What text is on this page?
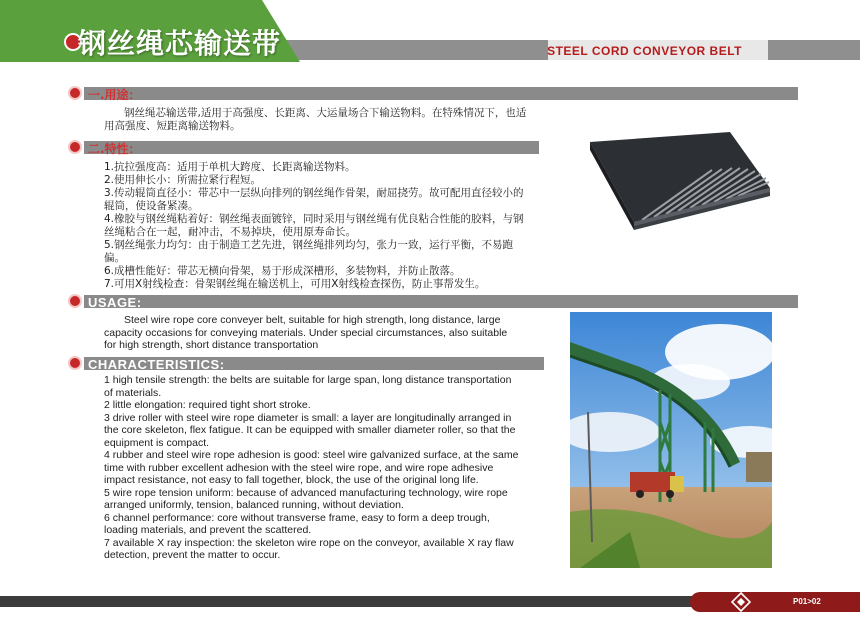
钢丝绳芯输送带	STEEL CORD CONVEYOR BELT
一.用途：
钢丝绳芯输送带,适用于高强度、长距离、大运量场合下输送物料。在特殊情况下，也适
用高强度、短距离输送物料。
二.特性：
1.抗拉强度高：适用于单机大跨度、长距离输送物料。
2.使用伸长小：所需拉紧行程短。
3.传动辊筒直径小：带芯中一层纵向排列的钢丝绳作骨架，耐屈挠劳。故可配用直径较小的
辊筒，使设备紧凑。
4.橡胶与钢丝绳粘着好：钢丝绳表面镀锌，同时采用与钢丝绳有优良粘合性能的胶料，与钢
丝绳粘合在一起，耐冲击，不易掉块，使用原寿命长。
5.钢丝绳张力均匀：由于制造工艺先进，钢丝绳排列均匀，张力一致，运行平衡，不易跑
偏。
6.成槽性能好：带芯无横向骨架，易于形成深槽形，多装物料，并防止散落。
7.可用X射线检查：骨架钢丝绳在输送机上，可用X射线检查探伤，防止事帮发生。
USAGE:
Steel wire rope core conveyer belt, suitable for high strength, long distance, large
capacity occasions for conveying materials. Under special circumstances, also suitable
for high strength, short distance transportation
CHARACTERISTICS:
1 high tensile strength: the belts are suitable for large span, long distance transportation
of materials.
2 little elongation: required tight short stroke.
3 drive roller with steel wire rope diameter is small: a layer are longitudinally arranged in
the core skeleton, flex fatigue. It can be equipped with smaller diameter roller, so that the
equipment is compact.
4 rubber and steel wire rope adhesion is good: steel wire galvanized surface, at the same
time with rubber excellent adhesion with the steel wire rope, and wire rope adhesive
impact resistance, not easy to fall together, block, the use of the original long life.
5 wire rope tension uniform: because of advanced manufacturing technology, wire rope
arranged uniformly, tension, balanced running, without deviation.
6 channel performance: core without transverse frame, easy to form a deep trough,
loading materials, and prevent the scattered.
7 available X ray inspection: the skeleton wire rope on the conveyor, available X ray flaw
detection, prevent the matter to occur.
P01>02
